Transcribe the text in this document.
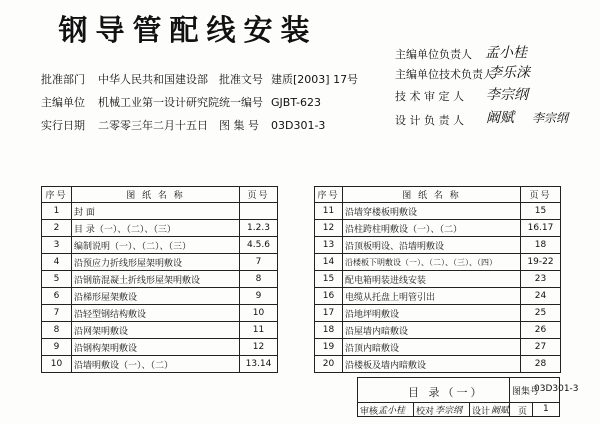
钢导管配线安装
批准部门 中华人民共和国建设部 批准文号 建质[2003] 17号
主编单位 机械工业第一设计研究院 统一编号 GJBT-623
实行日期 二零零三年二月十五日 图 集 号 03D301-3
主编单位负责人 孟小桂
主编单位技术负责人
李乐涞
技 术 审 定 人 李宗纲
设 计 负 责 人 阚赋 李宗纲
序号	图 纸 名 称	页号
1	封 面	
2	目 录（一）、（二）、（三）	1.2.3
3	编制说明（一）、（二）、（三）	4.5.6
4	沿预应力折线形屋架明敷设	7
5	沿钢筋混凝土折线形屋架明敷设	8
6	沿梯形屋架敷设	9
7	沿轻型钢结构敷设	10
8	沿网架明敷设	11
9	沿钢构架明敷设	12
10	沿墙明敷设（一）、（二）	13.14
序号	图 纸 名 称	页号
11	沿墙穿楼板明敷设	15
12	沿柱跨柱明敷设（一）、（二）	16.17
13	沿顶板明设、沿墙明敷设	18
14	沿楼板下明敷设（一）、（二）、（三）、（四）	19-22
15	配电箱明装进线安装	23
16	电缆从托盘上明管引出	24
17	沿地坪明敷设	25
18	沿屋墙内暗敷设	26
19	沿顶内暗敷设	27
20	沿楼板及墙内暗敷设	28
目 录（一）	图集号
03D301-3
审核 孟小桂 校对 李宗纲 设计 阚赋 页 1
